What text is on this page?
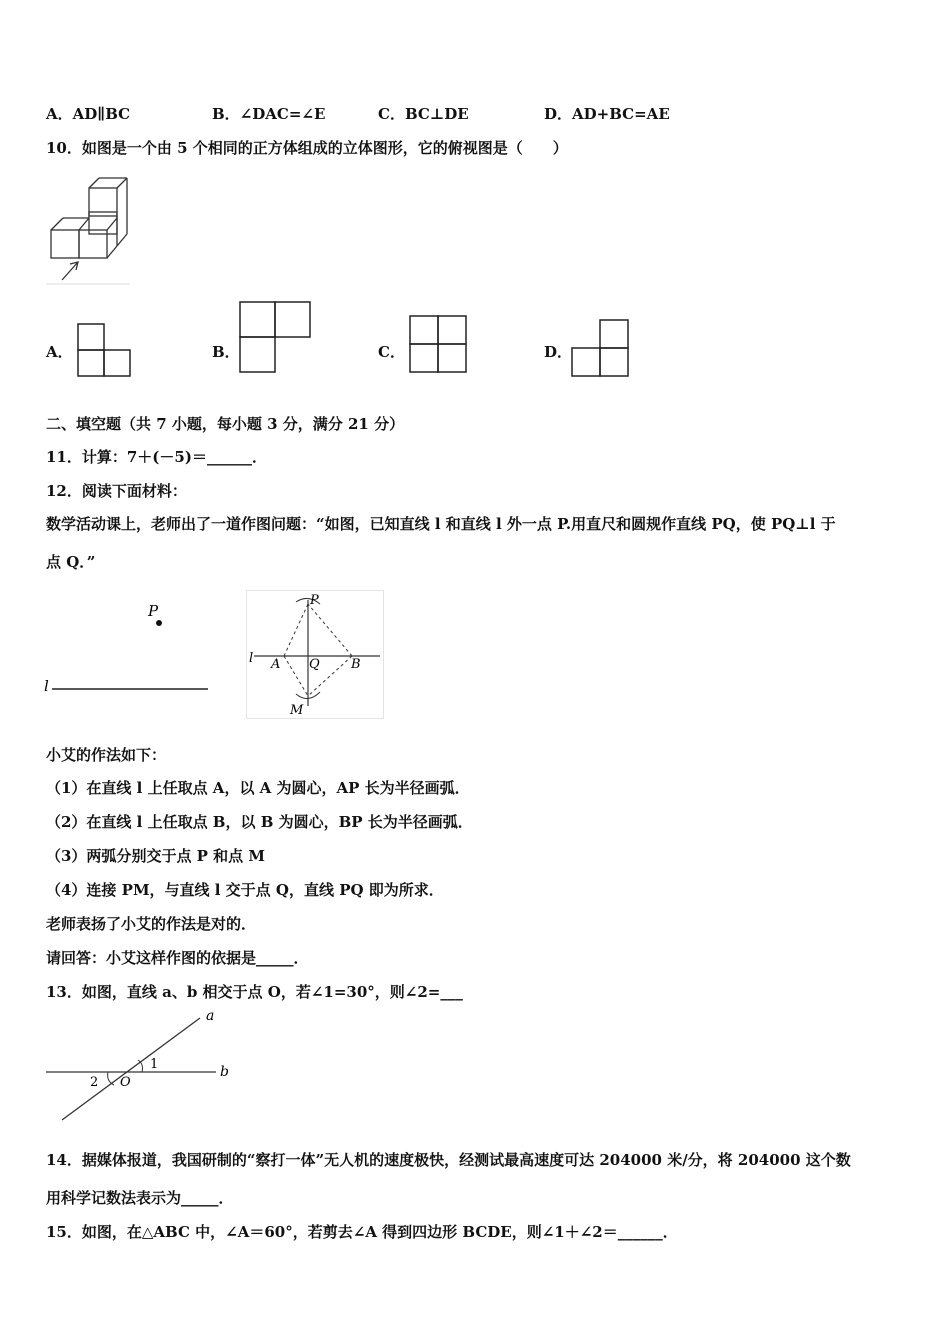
A．AD∥BC	B．∠DAC=∠E	C．BC⊥DE	D．AD+BC=AE
10．如图是一个由 5 个相同的正方体组成的立体图形，它的俯视图是（　　）
A．	B．	C．	D．
二、填空题（共 7 小题，每小题 3 分，满分 21 分）
11．计算：7＋(－5)＝______．
12．阅读下面材料：
数学活动课上，老师出了一道作图问题：“如图，已知直线 l 和直线 l 外一点 P.用直尺和圆规作直线 PQ，使 PQ⊥l 于
点 Q．”
P
l
P
l A Q B
M
小艾的作法如下：
（1）在直线 l 上任取点 A，以 A 为圆心，AP 长为半径画弧．
（2）在直线 l 上任取点 B，以 B 为圆心，BP 长为半径画弧．
（3）两弧分别交于点 P 和点 M
（4）连接 PM，与直线 l 交于点 Q，直线 PQ 即为所求．
老师表扬了小艾的作法是对的．
请回答：小艾这样作图的依据是_____．
13．如图，直线 a、b 相交于点 O，若∠1=30°，则∠2=___
a
b
1
2 O
14．据媒体报道，我国研制的“察打一体”无人机的速度极快，经测试最高速度可达 204000 米/分，将 204000 这个数
用科学记数法表示为_____．
15．如图，在△ABC 中，∠A＝60°，若剪去∠A 得到四边形 BCDE，则∠1＋∠2＝______．
